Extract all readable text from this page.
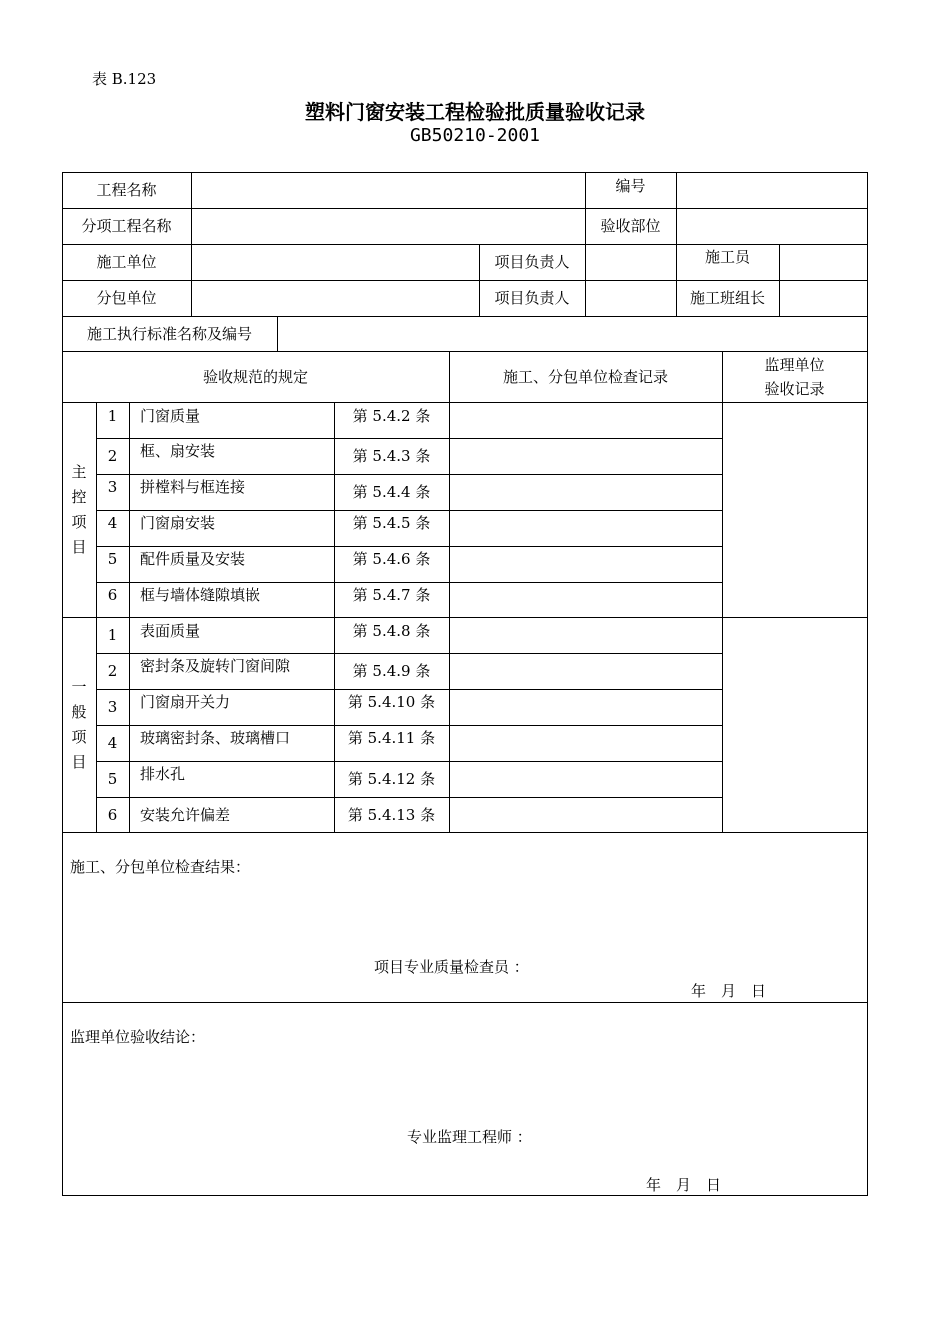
表 B.123
塑料门窗安装工程检验批质量验收记录
GB50210-2001
工程名称	编号
分项工程名称	验收部位
施工单位	项目负责人	施工员
分包单位	项目负责人	施工班组长
施工执行标准名称及编号
验收规范的规定	施工、分包单位检查记录
监理单位
验收记录
主
控
项
目
1	门窗质量	第 5.4.2 条
2	框、扇安装	第 5.4.3 条
3	拼樘料与框连接	第 5.4.4 条
4	门窗扇安装	第 5.4.5 条
5	配件质量及安装	第 5.4.6 条
6	框与墙体缝隙填嵌	第 5.4.7 条
一
般
项
目
1	表面质量	第 5.4.8 条
2	密封条及旋转门窗间隙	第 5.4.9 条
3	门窗扇开关力	第 5.4.10 条
4	玻璃密封条、玻璃槽口	第 5.4.11 条
5	排水孔	第 5.4.12 条
6	安装允许偏差	第 5.4.13 条
施工、分包单位检查结果：
项目专业质量检查员 ：
年　月　日
监理单位验收结论：
专业监理工程师 ：
年　月　日
